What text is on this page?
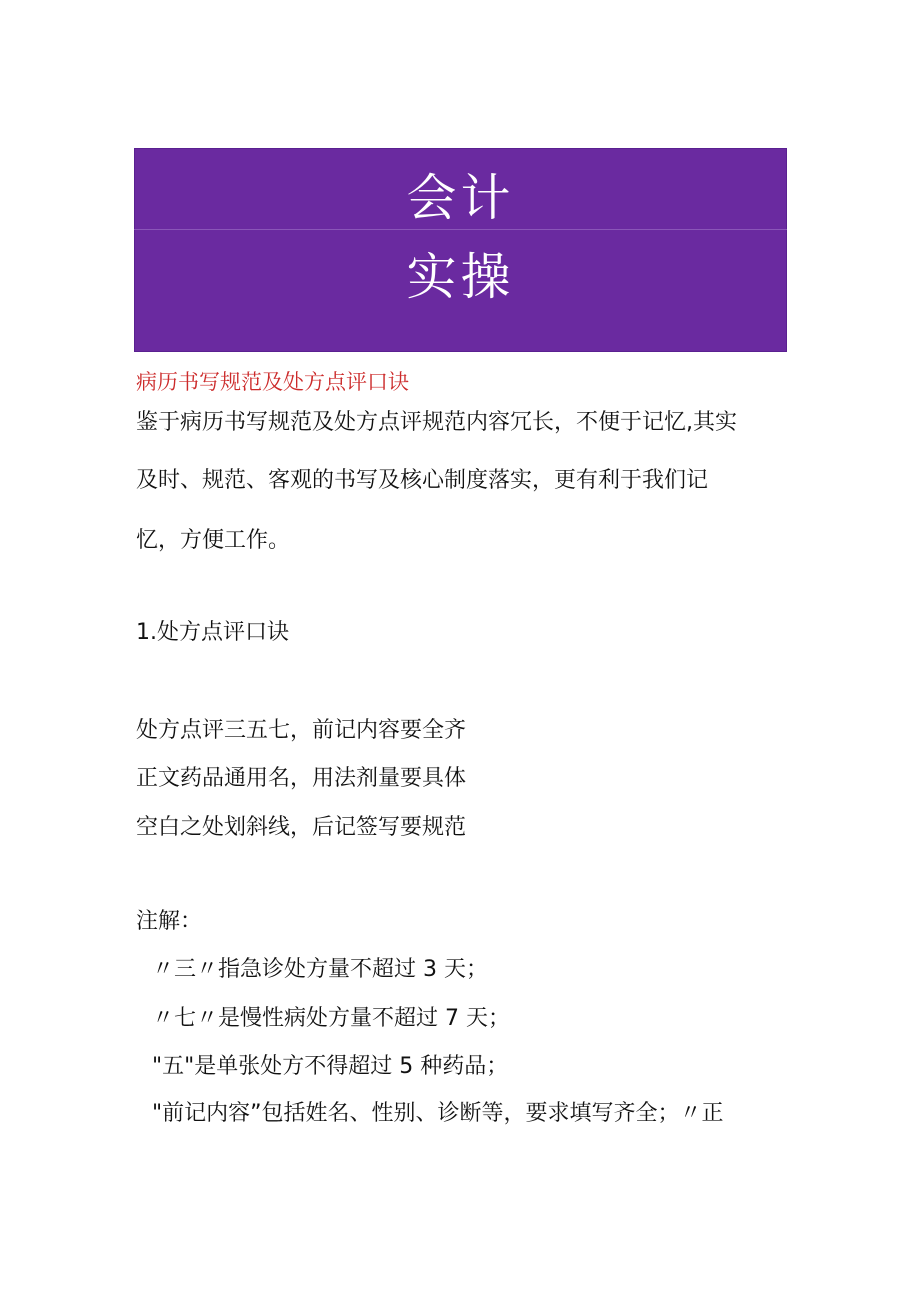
会计
实操
病历书写规范及处方点评口诀
鉴于病历书写规范及处方点评规范内容冗长，不便于记忆,其实
及时、规范、客观的书写及核心制度落实，更有利于我们记
忆，方便工作。
1.处方点评口诀
处方点评三五七，前记内容要全齐
正文药品通用名，用法剂量要具体
空白之处划斜线，后记签写要规范
注解：
〃三〃指急诊处方量不超过 3 天；
〃七〃是慢性病处方量不超过 7 天；
"五"是单张处方不得超过 5 种药品；
"前记内容”包括姓名、性别、诊断等，要求填写齐全；〃正
